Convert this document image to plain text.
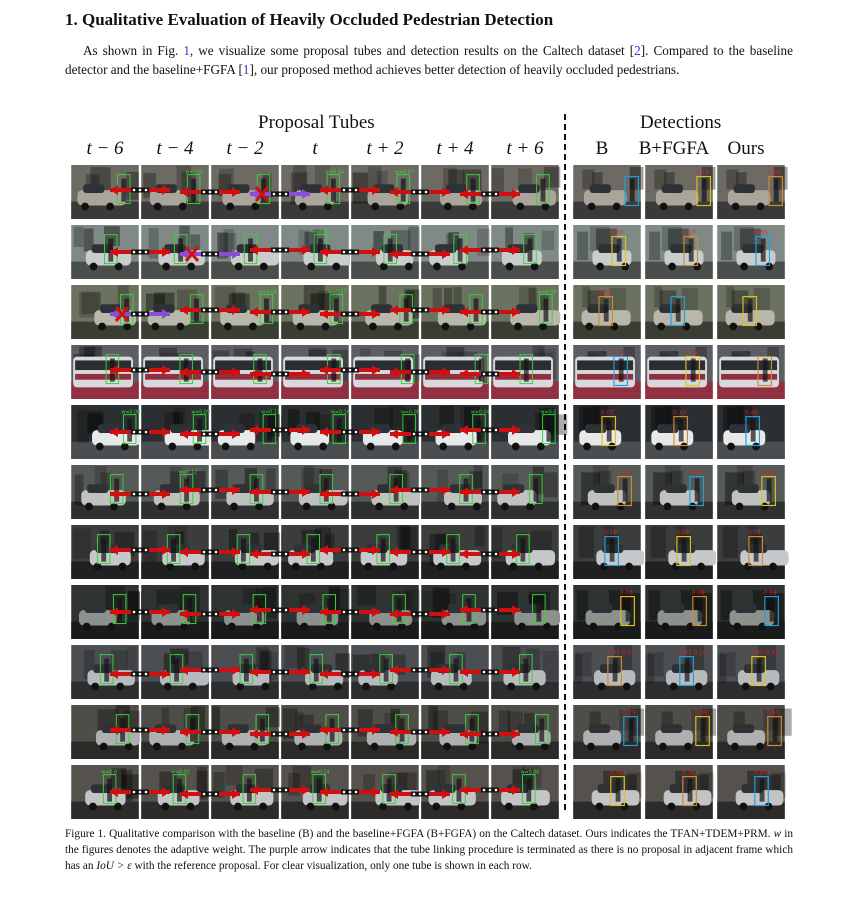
1. Qualitative Evaluation of Heavily Occluded Pedestrian Detection

As shown in Fig. 1, we visualize some proposal tubes and detection results on the Caltech dataset [2]. Compared to the baseline detector and the baseline+FGFA [1], our proposed method achieves better detection of heavily occluded pedestrians.

Proposal Tubes	Detections
t − 6	t − 4	t − 2	t	t + 2	t + 4	t + 6	B	B+FGFA Ours
w=0.02	w=0.04	w=0.07	0.19	0.58
w=0.03	0.07	0.17	0.55
w=0.04	w=0.27	w=0.08	0.02
0.10	0.19
w=0.08	w=0.09	w=0.11	w=0.16	w=0.06	w=0.04	w=0.0	0.07	0.10	0.49
w=0.12	0.10	0.26	0.56
0.18	0.20	0.77
0.03	0.09	0.69
0.37 0.01	0.61 0.16	0.65 0.33
0.29	0.08	0.66
w=0.0	w=0.02	w=0.14	w=0.06	0.08	0.38	0.96

Figure 1. Qualitative comparison with the baseline (B) and the baseline+FGFA (B+FGFA) on the Caltech dataset. Ours indicates the TFAN+TDEM+PRM. w in the figures denotes the adaptive weight. The purple arrow indicates that the tube linking procedure is terminated as there is no proposal in adjacent frame which has an IoU > ε with the reference proposal. For clear visualization, only one tube is shown in each row.
